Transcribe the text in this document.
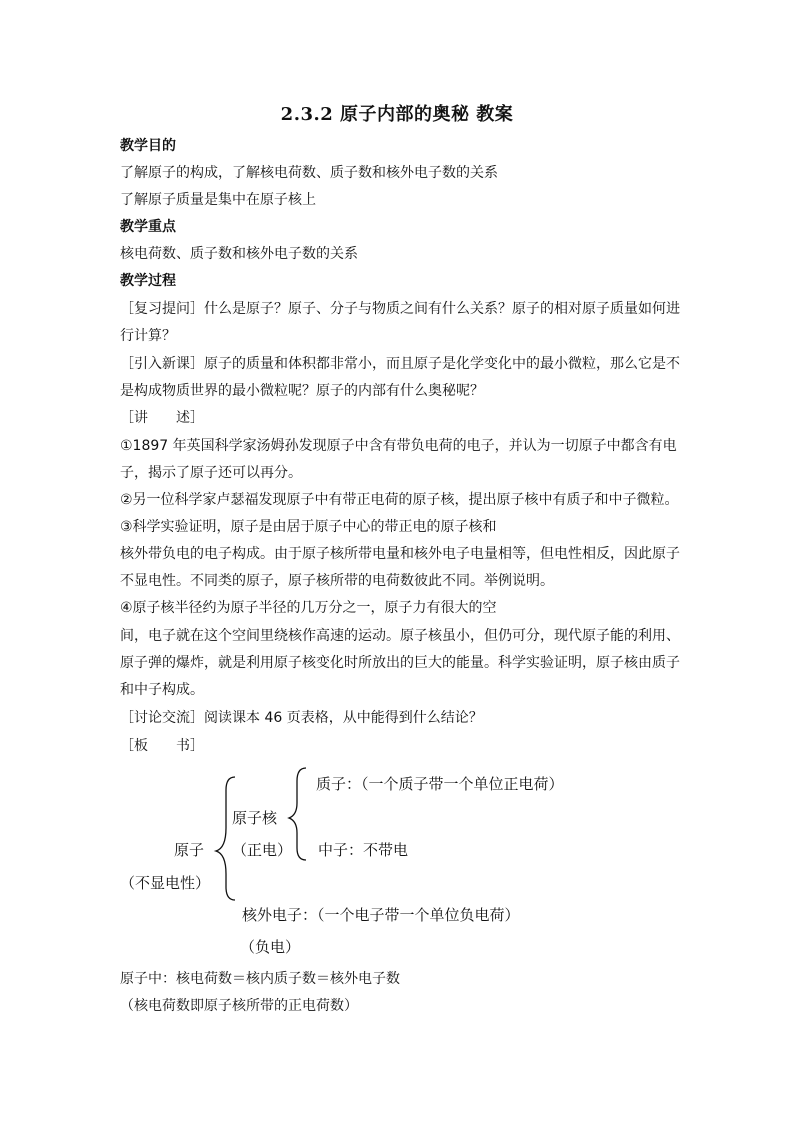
2.3.2 原子内部的奥秘 教案
教学目的
了解原子的构成，了解核电荷数、质子数和核外电子数的关系
了解原子质量是集中在原子核上
教学重点
核电荷数、质子数和核外电子数的关系
教学过程
［复习提问］什么是原子？原子、分子与物质之间有什么关系？原子的相对原子质量如何进
行计算？
［引入新课］原子的质量和体积都非常小，而且原子是化学变化中的最小微粒，那么它是不
是构成物质世界的最小微粒呢？原子的内部有什么奥秘呢？
［讲　　述］
①1897 年英国科学家汤姆孙发现原子中含有带负电荷的电子，并认为一切原子中都含有电
子，揭示了原子还可以再分。
②另一位科学家卢瑟福发现原子中有带正电荷的原子核，提出原子核中有质子和中子微粒。
③科学实验证明，原子是由居于原子中心的带正电的原子核和
核外带负电的电子构成。由于原子核所带电量和核外电子电量相等，但电性相反，因此原子
不显电性。不同类的原子，原子核所带的电荷数彼此不同。举例说明。
④原子核半径约为原子半径的几万分之一，原子力有很大的空
间，电子就在这个空间里绕核作高速的运动。原子核虽小，但仍可分，现代原子能的利用、
原子弹的爆炸，就是利用原子核变化时所放出的巨大的能量。科学实验证明，原子核由质子
和中子构成。
［讨论交流］阅读课本 46 页表格，从中能得到什么结论？
［板　　书］
质子：（一个质子带一个单位正电荷）
原子核
（正电） 中子：不带电
原子
（不显电性）
核外电子：（一个电子带一个单位负电荷）
（负电）
原子中：核电荷数＝核内质子数＝核外电子数
（核电荷数即原子核所带的正电荷数）
